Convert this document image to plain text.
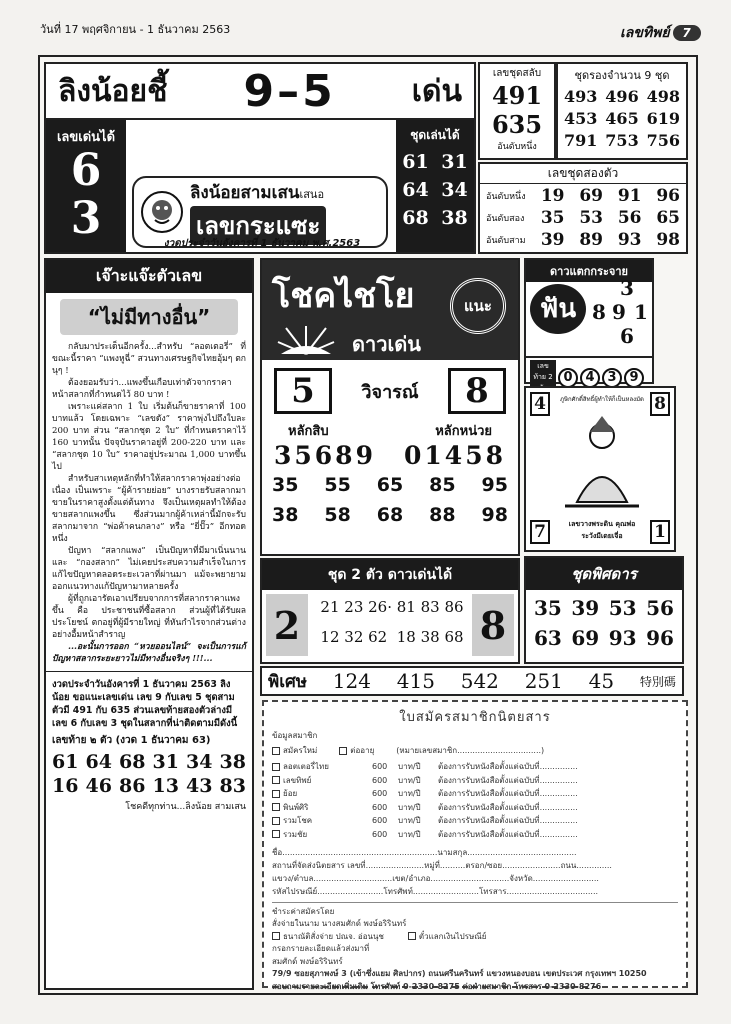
วันที่ 17 พฤศจิกายน - 1 ธันวาคม 2563	เลขทิพย์	7
ลิงน้อยชี้ 9–5	เด่น
เลขเด่นได้
6
3	ลิงน้อยสามเสนเสนอ
เลขกระแซะ
ชุดเล่นได้
61 31
64 34
68 38
งวดประจำวันอังคารที่ 1 ธันวาคม พ.ศ.2563
เลขชุดสลับ
491
635
อันดับหนึ่ง
ชุดรองจำนวน 9 ชุด
493 496 498
453 465 619
791 753 756
เลขชุดสองตัว
อันดับหนึ่ง 19 69 91 96
อันดับสอง 35 53 56 65
อันดับสาม 39 89 93 98
เจ๊าะแจ๊ะตัวเลข
“ไม่มีทางอื่น”

กลับมาประเด็นอีกครั้ง...สำหรับ “ลอตเตอรี่” ที่ขณะนี้ราคา “แพงหูฉี่” สวนทางเศรษฐกิจไทยอุ้มๆ ตกนุๆ !

ต้องยอมรับว่า...แพงขึ้นเกือบเท่าตัวจากราคาหน้าสลากที่กำหนดไว้ 80 บาท !

เพราะแค่สลาก 1 ใบ เริ่มต้นก็ขายราคาที่ 100 บาทแล้ว โดยเฉพาะ “เลขดัง” ราคาพุ่งไปถึงใบละ 200 บาท ส่วน “สลากชุด 2 ใบ” ที่กำหนดราคาไว้ 160 บาทนั้น ปัจจุบันราคาอยู่ที่ 200-220 บาท และ “สลากชุด 10 ใบ” ราคาอยู่ประมาณ 1,000 บาทขึ้นไป

สำหรับสาเหตุหลักที่ทำให้สลากราคาพุ่งอย่างต่อเนื่อง เป็นเพราะ “ผู้ค้ารายย่อย” บางรายรับสลากมาขายในราคาสูงตั้งแต่ต้นทาง จึงเป็นเหตุผลทำให้ต้องขายสลากแพงขึ้น ซึ่งส่วนมากผู้ค้าเหล่านี้มักจะรับสลากมาจาก “พ่อค้าคนกลาง” หรือ “ยี่ปั๊ว” อีกทอดหนึ่ง

ปัญหา “สลากแพง” เป็นปัญหาที่มีมาเนิ่นนานและ “กองสลาก” ไม่เคยประสบความสำเร็จในการแก้ไขปัญหาตลอดระยะเวลาที่ผ่านมา แม้จะพยายามออกแนวทางแก้ปัญหามาหลายครั้ง

ผู้ที่ถูกเอารัดเอาเปรียบจากการที่สลากราคาแพงขึ้น คือ ประชาชนที่ซื้อสลาก ส่วนผู้ที่ได้รับผลประโยชน์ ตกอยู่ที่ผู้มีรายใหญ่ ที่หันกำไรจากส่วนต่างอย่างอื้มหน้าสำราญ

...อะนั้นการออก “หวยออนไลน์” จะเป็นการแก้ปัญหาสลากระยะยาวไม่มีทางอื่นจริงๆ !!!...

งวดประจำวันอังคารที่ 1 ธันวาคม 2563 ลิงน้อย ขอแนะเลขเด่น เลข 9 กับเลข 5 ชุดสามตัวมี 491 กับ 635 ส่วนเลขท้ายสองตัวล่างมีเลข 6 กับเลข 3 ชุดในสลากที่น่าติดตามมีดังนี้
เลขท้าย ๒ ตัว (งวด 1 ธันวาคม 63)
61 64 68 31 34 38
16 46 86 13 43 83
โชคดีทุกท่าน...ลิงน้อย สามเสน
โชคไชโย	แนะ
ดาวเด่น
5	วิจารณ์	8
หลักสิบ	หลักหน่วย
35689 01458
35 55 65 85 95
38 58 68 88 98
ดาวแตกกระจาย
ฟัน
3
8 9 1
6
เลขท้าย 2 0 4 3 9
4	8
ภูษิกศักดิ์สิทธิ์ผู้ทำให้ก็เป็นหลงมัด
7	1
เลขวางพระดิน คุณพ่อ
ระวังมีเดยเจี่อ
ชุด 2 ตัว ดาวเด่นได้
2	8
21 23 26· 81 83 86
12 32 62  18 38 68
ชุดพิศดาร
35 39 53 56
63 69 93 96
พิเศษ 124 415 542 251 45 特別碼
ใบสมัครสมาชิกนิตยสาร
ข้อมูลสมาชิก
สมัครใหม่	ต่ออายุ	(หมายเลขสมาชิก.................................)
ลอตเตอรี่ไทย	600	บาท/ปี	ต้องการรับหนังสือตั้งแต่ฉบับที่...............
เลขทิพย์	600	บาท/ปี	ต้องการรับหนังสือตั้งแต่ฉบับที่...............
ย้อย	600	บาท/ปี	ต้องการรับหนังสือตั้งแต่ฉบับที่...............
พินพ์ศิริ	600	บาท/ปี	ต้องการรับหนังสือตั้งแต่ฉบับที่...............
รวมโชค	600	บาท/ปี	ต้องการรับหนังสือตั้งแต่ฉบับที่...............
รวมชัย	600	บาท/ปี	ต้องการรับหนังสือตั้งแต่ฉบับที่...............
ชื่อ.............................................................นามสกุล...........................................
สถานที่จัดส่งนิตยสาร เลขที่.......................หมู่ที่..........ตรอก/ซอย.......................ถนน..............
แขวง/ตำบล...............................เขต/อำเภอ...............................จังหวัด..........................
รหัสไปรษณีย์..........................โทรศัพท์..........................โทรสาร....................................
ชำระค่าสมัครโดย
สั่งจ่ายในนาม นางสมศักด์ พงษ์อริรินทร์
ธนาณัติสั่งจ่าย ปณจ. อ่อนนุช	ตั๋วแลกเงินไปรษณีย์
กรอกรายละเอียดแล้วส่งมาที่
สมศักด์ พงษ์อริรินทร์
79/9 ซอยสุภาพงษ์ 3 (เข้าซึ่งแยม ศิลปากร) ถนนศรีนครินทร์ แขวงหนองบอน เขตประเวศ กรุงเทพฯ 10250
สอบถามรายละเอียดเพิ่มเติม โทรศัพท์ 0-2330-8275 ต่อฝ่ายสมาชิก โทรสาร 0-2330-8276
